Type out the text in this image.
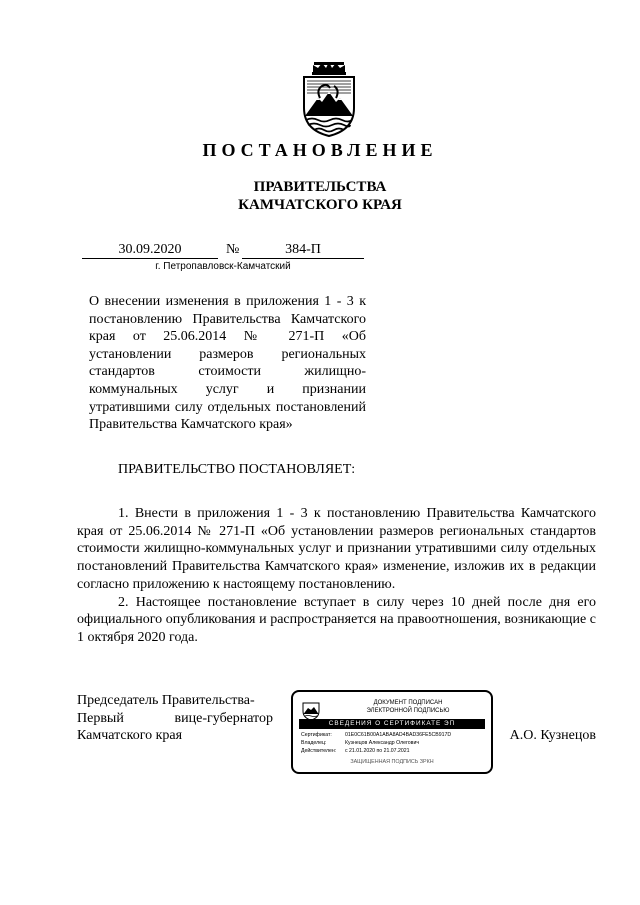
ПОСТАНОВЛЕНИЕ
ПРАВИТЕЛЬСТВА
КАМЧАТСКОГО КРАЯ
30.09.2020	№	384-П
г. Петропавловск-Камчатский
О внесении изменения в приложения 1 - 3 к постановлению Правительства Камчатского края от 25.06.2014 № 271-П «Об установлении размеров региональных стандартов стоимости жилищно-коммунальных услуг и признании утратившими силу отдельных постановлений Правительства Камчатского края»
ПРАВИТЕЛЬСТВО ПОСТАНОВЛЯЕТ:

1. Внести в приложения 1 - 3 к постановлению Правительства Камчатского края от 25.06.2014 № 271-П «Об установлении размеров региональных стандартов стоимости жилищно-коммунальных услуг и признании утратившими силу отдельных постановлений Правительства Камчатского края» изменение, изложив их в редакции согласно приложению к настоящему постановлению.

2. Настоящее постановление вступает в силу через 10 дней после дня его официального опубликования и распространяется на правоотношения, возникающие с 1 октября 2020 года.

Председатель Правительства-
Первый вице-губернатор
Камчатского края
ДОКУМЕНТ ПОДПИСАН
ЭЛЕКТРОННОЙ ПОДПИСЬЮ
СВЕДЕНИЯ О СЕРТИФИКАТЕ ЭП
Сертификат:	01E0C61B00A1ABA8AD4BAD36FE5CB917D
Владелец:	Кузнецов Александр Олегович
Действителен:	с 21.01.2020 по 21.07.2021
ЗАЩИЩЕННАЯ ПОДПИСЬ ЗРКН
А.О. Кузнецов
